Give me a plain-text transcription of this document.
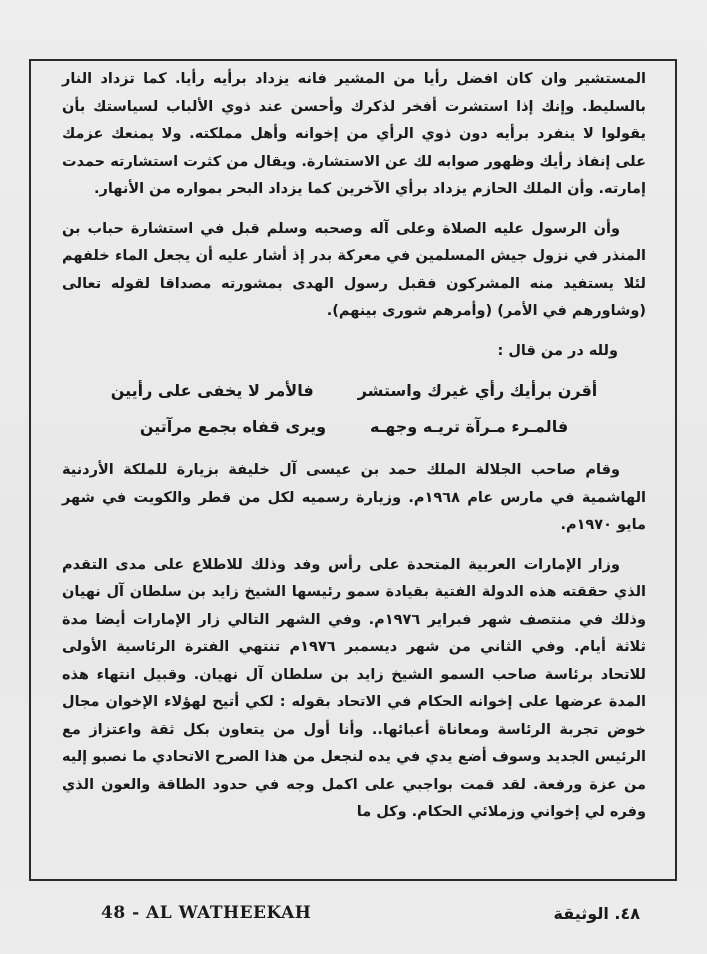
المستشير وان كان افضل رأيا من المشير فانه يزداد برأيه رأيا. كما تزداد النار بالسليط. وإنك إذا استشرت أفخر لذكرك وأحسن عند ذوي الألباب لسياستك بأن يقولوا لا ينفرد برأيه دون ذوي الرأي من إخوانه وأهل مملكته. ولا يمنعك عزمك على إنفاذ رأيك وظهور صوابه لك عن الاستشارة. ويقال من كثرت استشارته حمدت إمارته. وأن الملك الحازم يزداد برأي الآخرين كما يزداد البحر بمواره من الأنهار.

وأن الرسول عليه الصلاة وعلى آله وصحبه وسلم قبل في استشارة حباب بن المنذر في نزول جيش المسلمين في معركة بدر إذ أشار عليه أن يجعل الماء خلفهم لئلا يستفيد منه المشركون فقبل رسول الهدى بمشورته مصداقا لقوله تعالى (وشاورهم في الأمر) (وأمرهم شورى بينهم).

ولله در من قال :
أقرن برأيك رأي غيرك واستشر
فالأمر لا يخفى على رأيين
فالمـرء مـرآة تريـه وجهـه
ويرى قفاه بجمع مرآتين

وقام صاحب الجلالة الملك حمد بن عيسى آل خليفة بزيارة للملكة الأردنية الهاشمية في مارس عام ١٩٦٨م. وزيارة رسميه لكل من قطر والكويت في شهر مايو ١٩٧٠م.

وزار الإمارات العربية المتحدة على رأس وفد وذلك للاطلاع على مدى التقدم الذي حققته هذه الدولة الفتية بقيادة سمو رئيسها الشيخ زايد بن سلطان آل نهيان وذلك في منتصف شهر فبراير ١٩٧٦م. وفي الشهر التالي زار الإمارات أيضا مدة ثلاثة أيام. وفي الثاني من شهر ديسمبر ١٩٧٦م تنتهي الفترة الرئاسية الأولى للاتحاد برئاسة صاحب السمو الشيخ زايد بن سلطان آل نهيان. وقبيل انتهاء هذه المدة عرضها على إخوانه الحكام في الاتحاد بقوله : لكي أتيح لهؤلاء الإخوان مجال خوض تجربة الرئاسة ومعاناة أعبائها.. وأنا أول من يتعاون بكل ثقة واعتزاز مع الرئيس الجديد وسوف أضع يدي في يده لنجعل من هذا الصرح الاتحادي ما نصبو إليه من عزة ورفعة. لقد قمت بواجبي على اكمل وجه في حدود الطاقة والعون الذي وفره لي إخواني وزملائي الحكام. وكل ما

48 - AL WATHEEKAH	٤٨. الوثيقة
